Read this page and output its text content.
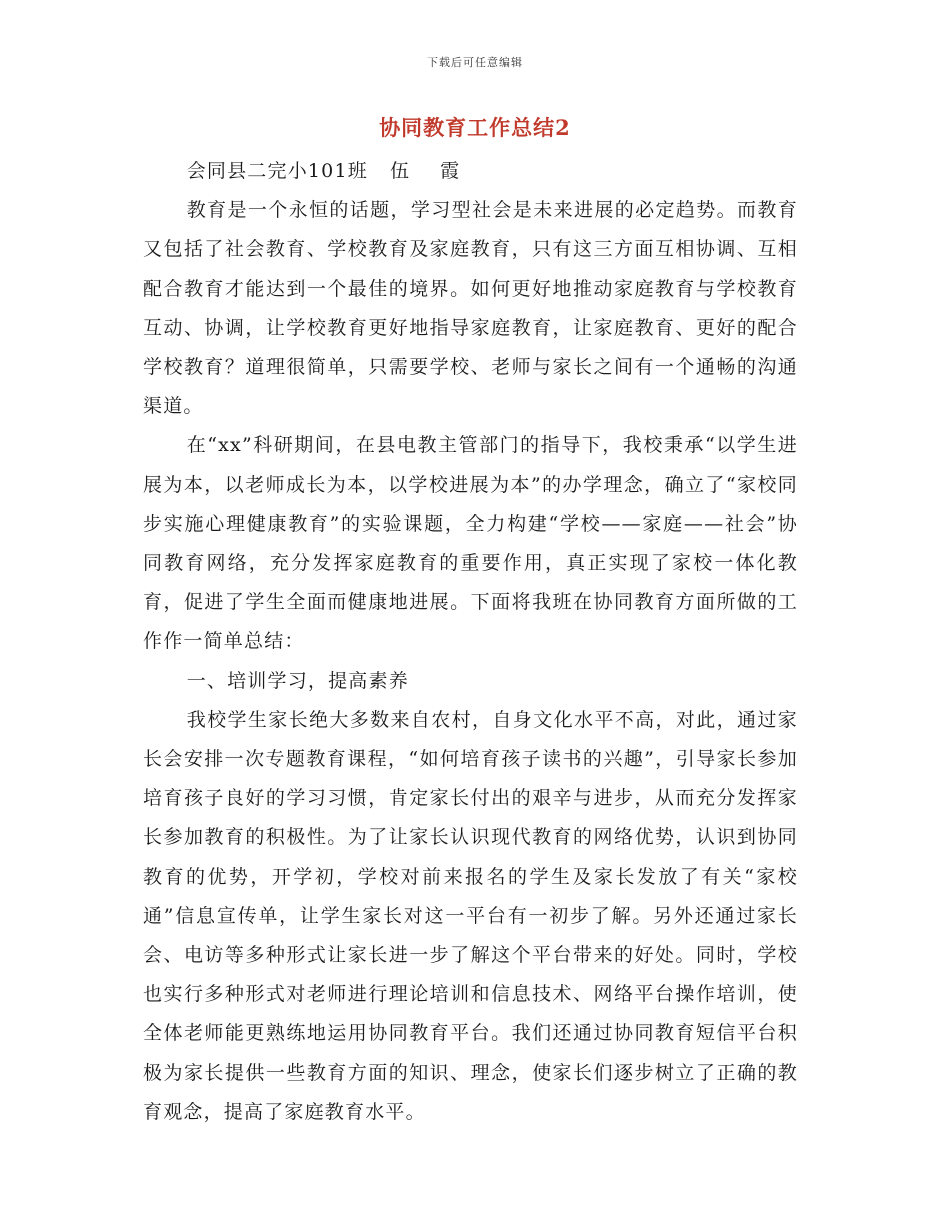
下载后可任意编辑
协同教育工作总结2

会同县二完小101班 伍 霞

教育是一个永恒的话题，学习型社会是未来进展的必定趋势。而教育又包括了社会教育、学校教育及家庭教育，只有这三方面互相协调、互相配合教育才能达到一个最佳的境界。如何更好地推动家庭教育与学校教育互动、协调，让学校教育更好地指导家庭教育，让家庭教育、更好的配合学校教育？道理很简单，只需要学校、老师与家长之间有一个通畅的沟通渠道。

在“xx”科研期间，在县电教主管部门的指导下，我校秉承“以学生进展为本，以老师成长为本，以学校进展为本”的办学理念，确立了“家校同步实施心理健康教育”的实验课题，全力构建“学校——家庭——社会”协同教育网络，充分发挥家庭教育的重要作用，真正实现了家校一体化教育，促进了学生全面而健康地进展。下面将我班在协同教育方面所做的工作作一简单总结：

一、培训学习，提高素养

我校学生家长绝大多数来自农村，自身文化水平不高，对此，通过家长会安排一次专题教育课程，“如何培育孩子读书的兴趣”，引导家长参加培育孩子良好的学习习惯，肯定家长付出的艰辛与进步，从而充分发挥家长参加教育的积极性。为了让家长认识现代教育的网络优势，认识到协同教育的优势，开学初，学校对前来报名的学生及家长发放了有关“家校通”信息宣传单，让学生家长对这一平台有一初步了解。另外还通过家长会、电访等多种形式让家长进一步了解这个平台带来的好处。同时，学校也实行多种形式对老师进行理论培训和信息技术、网络平台操作培训，使全体老师能更熟练地运用协同教育平台。我们还通过协同教育短信平台积极为家长提供一些教育方面的知识、理念，使家长们逐步树立了正确的教育观念，提高了家庭教育水平。
